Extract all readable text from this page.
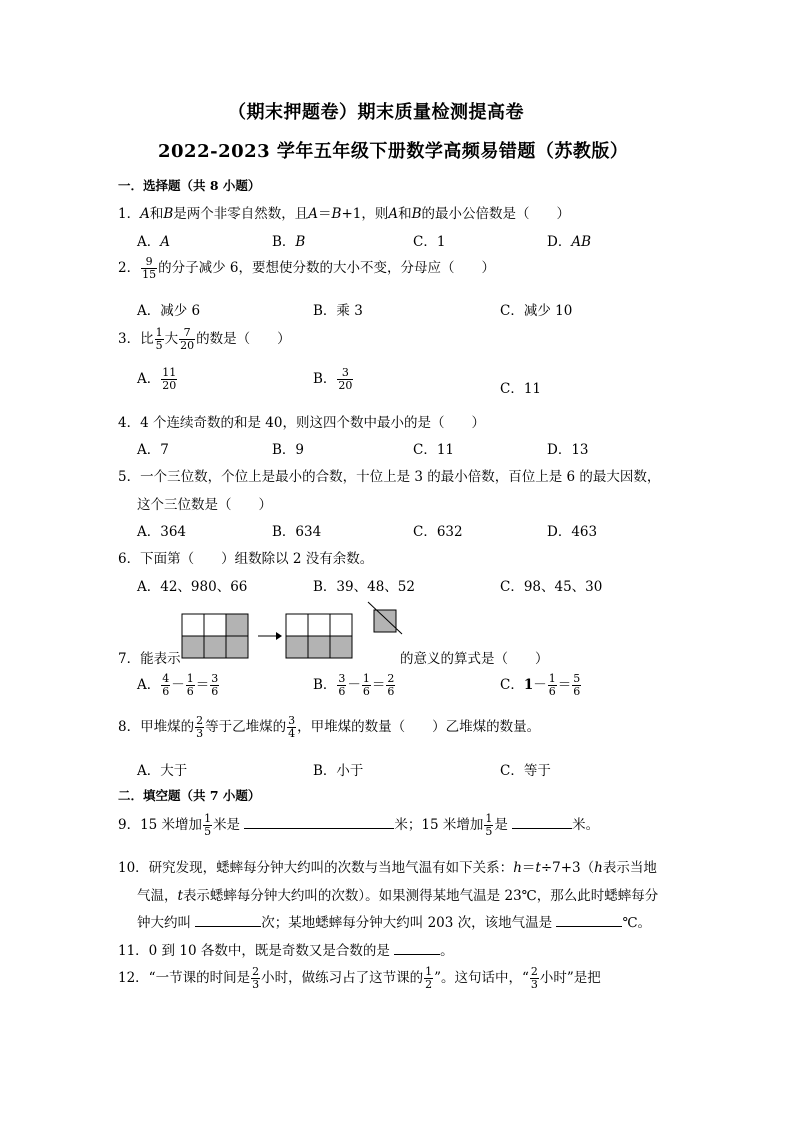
（期末押题卷）期末质量检测提高卷
2022-2023 学年五年级下册数学高频易错题（苏教版）
一．选择题（共 8 小题）
1．A和B是两个非零自然数，且A＝B+1，则A和B的最小公倍数是（　　）
A．A	B．B	C．1	D．AB
2． $\frac{9}{15}$ 的分子减少 6，要想使分数的大小不变，分母应（　　）
A．减少 6	B．乘 3	C．减少 10
3．比 $\frac{1}{5}$ 大 $\frac{7}{20}$ 的数是（　　）
A． $\frac{11}{20}$	B． $\frac{3}{20}$	C．11
4．4 个连续奇数的和是 40，则这四个数中最小的是（　　）
A．7	B．9	C．11	D．13
5．一个三位数，个位上是最小的合数，十位上是 3 的最小倍数，百位上是 6 的最大因数，
这个三位数是（　　）
A．364	B．634	C．632	D．463
6．下面第（　　）组数除以 2 没有余数。
A．42、980、66	B．39、48、52	C．98、45、30
7．能表示	的意义的算式是（　　）
A． $\frac{4}{6} - \frac{1}{6} = \frac{3}{6}$	B． $\frac{3}{6} - \frac{1}{6} = \frac{2}{6}$	C．$1- \frac{1}{6} = \frac{5}{6}$
8．甲堆煤的 $\frac{2}{3}$ 等于乙堆煤的 $\frac{3}{4}$ ，甲堆煤的数量（　　）乙堆煤的数量。
A．大于	B．小于	C．等于
二．填空题（共 7 小题）
9．15 米增加 $\frac{1}{5}$ 米是	米；15 米增加 $\frac{1}{5}$ 是	米。
10．研究发现，蟋蟀每分钟大约叫的次数与当地气温有如下关系：h＝t÷7+3（h表示当地
气温，t表示蟋蟀每分钟大约叫的次数）。如果测得某地气温是 23℃，那么此时蟋蟀每分
钟大约叫	次；某地蟋蟀每分钟大约叫 203 次，该地气温是	℃。
11．0 到 10 各数中，既是奇数又是合数的是	。
12．“一节课的时间是 $\frac{2}{3}$ 小时，做练习占了这节课的 $\frac{1}{2}$ ”。这句话中，“ $\frac{2}{3}$ 小时”是把
